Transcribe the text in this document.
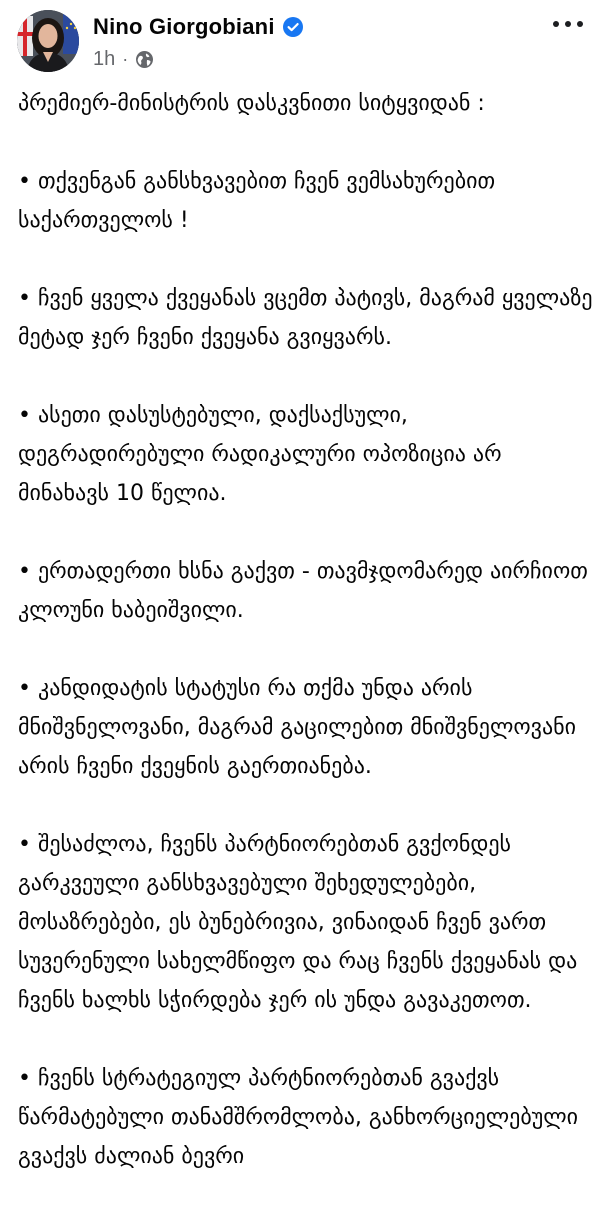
Nino Giorgobiani
1h ·

პრემიერ-მინისტრის დასკვნითი სიტყვიდან :

• თქვენგან განსხვავებით ჩვენ ვემსახურებით საქართველოს !

• ჩვენ ყველა ქვეყანას ვცემთ პატივს, მაგრამ ყველაზე მეტად ჯერ ჩვენი ქვეყანა გვიყვარს.

• ასეთი დასუსტებული, დაქსაქსული, დეგრადირებული რადიკალური ოპოზიცია არ მინახავს 10 წელია.

• ერთადერთი ხსნა გაქვთ - თავმჯდომარედ აირჩიოთ კლოუნი ხაბეიშვილი.

• კანდიდატის სტატუსი რა თქმა უნდა არის მნიშვნელოვანი, მაგრამ გაცილებით მნიშვნელოვანი არის ჩვენი ქვეყნის გაერთიანება.

• შესაძლოა, ჩვენს პარტნიორებთან გვქონდეს გარკვეული განსხვავებული შეხედულებები, მოსაზრებები, ეს ბუნებრივია, ვინაიდან ჩვენ ვართ სუვერენული სახელმწიფო და რაც ჩვენს ქვეყანას და ჩვენს ხალხს სჭირდება ჯერ ის უნდა გავაკეთოთ.

• ჩვენს სტრატეგიულ პარტნიორებთან გვაქვს წარმატებული თანამშრომლობა, განხორციელებული გვაქვს ძალიან ბევრი
